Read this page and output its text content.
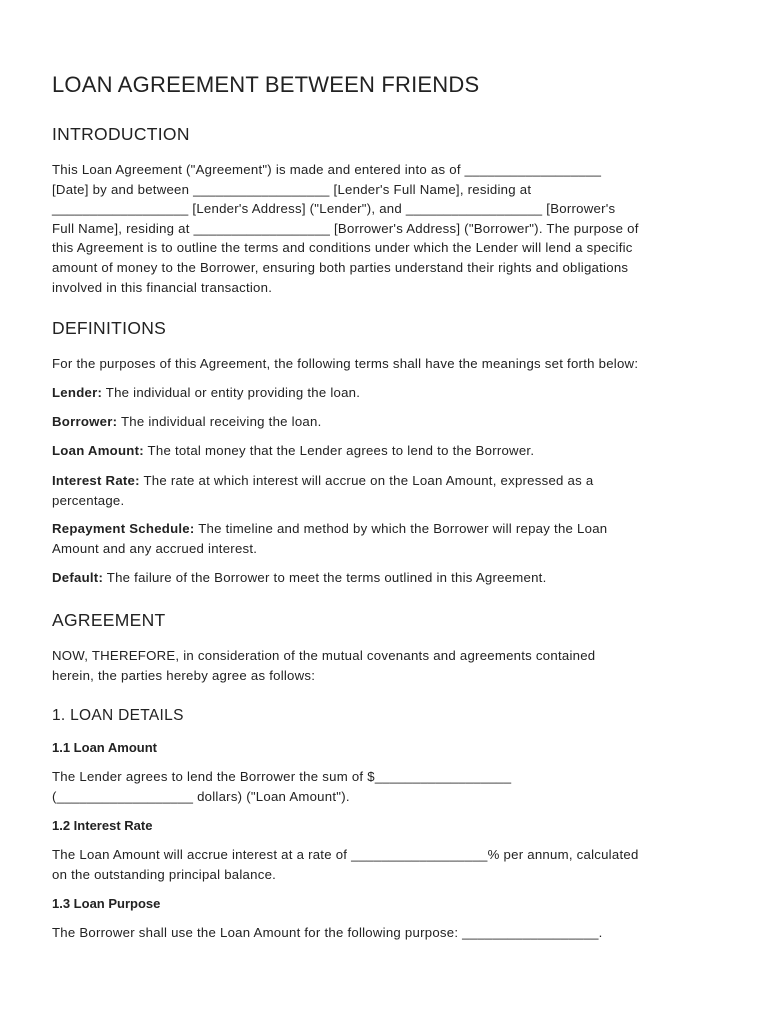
LOAN AGREEMENT BETWEEN FRIENDS
INTRODUCTION

This Loan Agreement ("Agreement") is made and entered into as of __________________
[Date] by and between __________________ [Lender's Full Name], residing at
__________________ [Lender's Address] ("Lender"), and __________________ [Borrower's
Full Name], residing at __________________ [Borrower's Address] ("Borrower"). The purpose of
this Agreement is to outline the terms and conditions under which the Lender will lend a specific
amount of money to the Borrower, ensuring both parties understand their rights and obligations
involved in this financial transaction.

DEFINITIONS

For the purposes of this Agreement, the following terms shall have the meanings set forth below:

Lender: The individual or entity providing the loan.

Borrower: The individual receiving the loan.

Loan Amount: The total money that the Lender agrees to lend to the Borrower.

Interest Rate: The rate at which interest will accrue on the Loan Amount, expressed as a
percentage.

Repayment Schedule: The timeline and method by which the Borrower will repay the Loan
Amount and any accrued interest.

Default: The failure of the Borrower to meet the terms outlined in this Agreement.

AGREEMENT

NOW, THEREFORE, in consideration of the mutual covenants and agreements contained
herein, the parties hereby agree as follows:

1. LOAN DETAILS
1.1 Loan Amount

The Lender agrees to lend the Borrower the sum of $__________________
(__________________ dollars) ("Loan Amount").

1.2 Interest Rate

The Loan Amount will accrue interest at a rate of __________________% per annum, calculated
on the outstanding principal balance.

1.3 Loan Purpose

The Borrower shall use the Loan Amount for the following purpose: __________________.
